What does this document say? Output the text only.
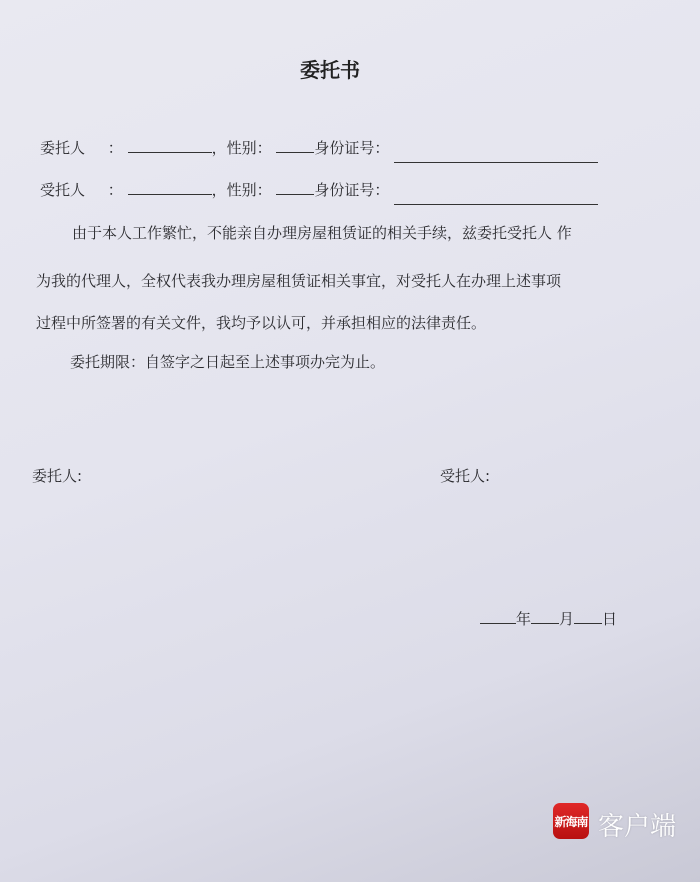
委托书
委托人 ：	，性别：	身份证号：
受托人 ：	，性别：	身份证号：
由于本人工作繁忙，不能亲自办理房屋租赁证的相关手续，兹委托受托人 作
为我的代理人，全权代表我办理房屋租赁证相关事宜，对受托人在办理上述事项
过程中所签署的有关文件，我均予以认可，并承担相应的法律责任。
委托期限：自签字之日起至上述事项办完为止。
委托人:	受托人:
年 月 日
新海南 客户端
